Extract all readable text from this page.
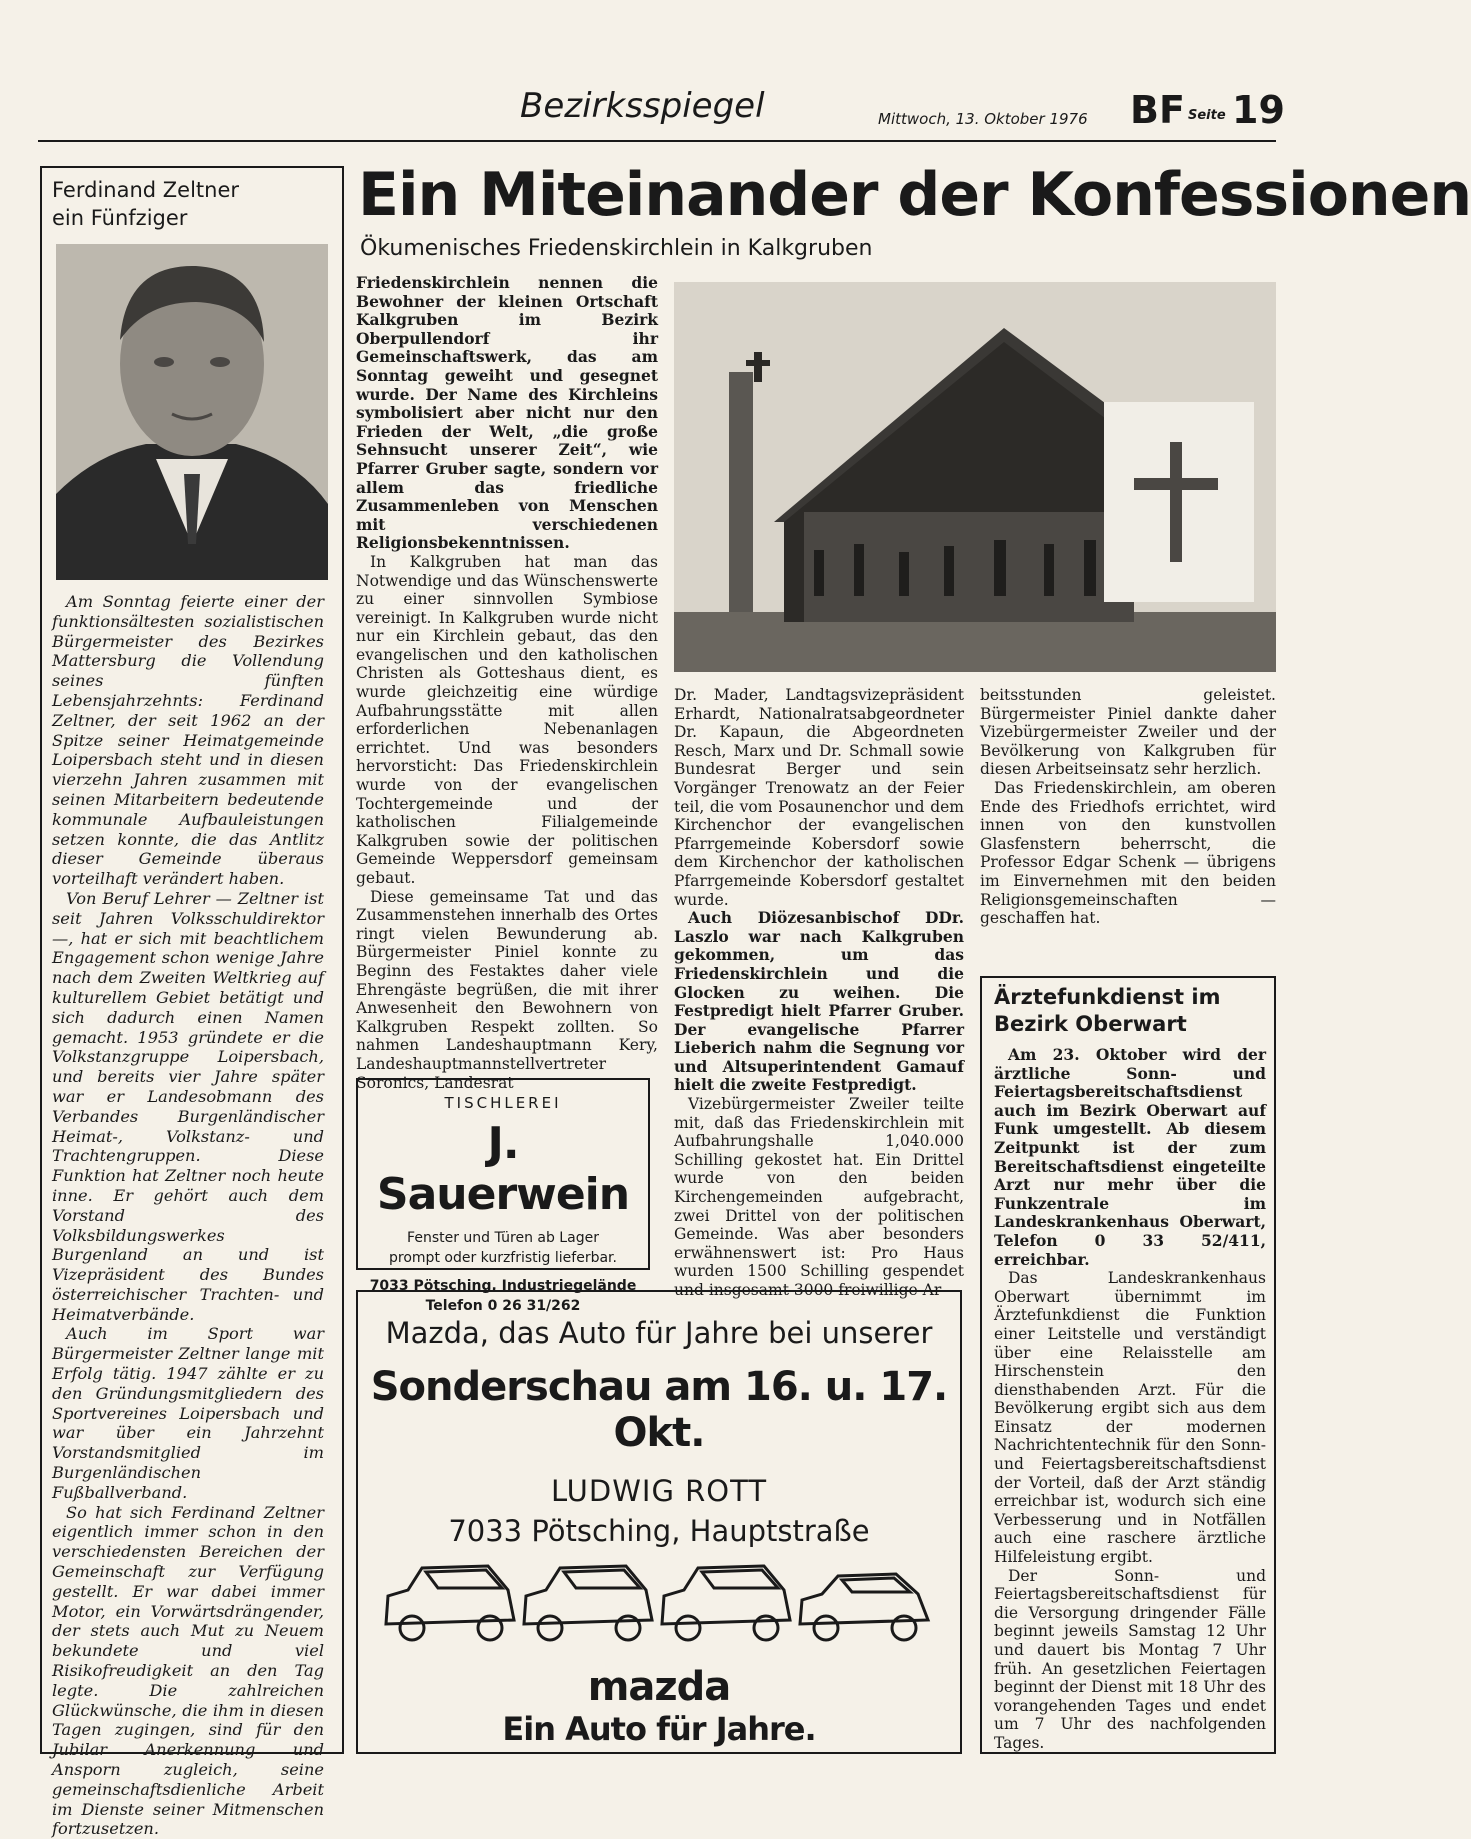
Bezirksspiegel	Mittwoch, 13. Oktober 1976 BF Seite 19
Ferdinand Zeltner
ein Fünfziger

Am Sonntag feierte einer der funktionsältesten sozialistischen Bürgermeister des Bezirkes Mattersburg die Vollendung seines fünften Lebensjahrzehnts: Ferdinand Zeltner, der seit 1962 an der Spitze seiner Heimatgemeinde Loipersbach steht und in diesen vierzehn Jahren zusammen mit seinen Mitarbeitern bedeutende kommunale Aufbauleistungen setzen konnte, die das Antlitz dieser Gemeinde überaus vorteilhaft verändert haben.

Von Beruf Lehrer — Zeltner ist seit Jahren Volksschuldirektor —, hat er sich mit beachtlichem Engagement schon wenige Jahre nach dem Zweiten Weltkrieg auf kulturellem Gebiet betätigt und sich dadurch einen Namen gemacht. 1953 gründete er die Volkstanzgruppe Loipersbach, und bereits vier Jahre später war er Landesobmann des Verbandes Burgenländischer Heimat-, Volkstanz- und Trachtengruppen. Diese Funktion hat Zeltner noch heute inne. Er gehört auch dem Vorstand des Volksbildungswerkes Burgenland an und ist Vizepräsident des Bundes österreichischer Trachten- und Heimatverbände.

Auch im Sport war Bürgermeister Zeltner lange mit Erfolg tätig. 1947 zählte er zu den Gründungsmitgliedern des Sportvereines Loipersbach und war über ein Jahrzehnt Vorstandsmitglied im Burgenländischen Fußballverband.

So hat sich Ferdinand Zeltner eigentlich immer schon in den verschiedensten Bereichen der Gemeinschaft zur Verfügung gestellt. Er war dabei immer Motor, ein Vorwärtsdrängender, der stets auch Mut zu Neuem bekundete und viel Risikofreudigkeit an den Tag legte. Die zahlreichen Glückwünsche, die ihm in diesen Tagen zugingen, sind für den Jubilar Anerkennung und Ansporn zugleich, seine gemeinschaftsdienliche Arbeit im Dienste seiner Mitmenschen fortzusetzen.

Ein Miteinander der Konfessionen
Ökumenisches Friedenskirchlein in Kalkgruben

Friedenskirchlein nennen die Bewohner der kleinen Ortschaft Kalkgruben im Bezirk Oberpullendorf ihr Gemeinschaftswerk, das am Sonntag geweiht und gesegnet wurde. Der Name des Kirchleins symbolisiert aber nicht nur den Frieden der Welt, „die große Sehnsucht unserer Zeit“, wie Pfarrer Gruber sagte, sondern vor allem das friedliche Zusammenleben von Menschen mit verschiedenen Religionsbekenntnissen.

In Kalkgruben hat man das Notwendige und das Wünschenswerte zu einer sinnvollen Symbiose vereinigt. In Kalkgruben wurde nicht nur ein Kirchlein gebaut, das den evangelischen und den katholischen Christen als Gotteshaus dient, es wurde gleichzeitig eine würdige Aufbahrungsstätte mit allen erforderlichen Nebenanlagen errichtet. Und was besonders hervorsticht: Das Friedenskirchlein wurde von der evangelischen Tochtergemeinde und der katholischen Filialgemeinde Kalkgruben sowie der politischen Gemeinde Weppersdorf gemeinsam gebaut.

Diese gemeinsame Tat und das Zusammenstehen innerhalb des Ortes ringt vielen Bewunderung ab. Bürgermeister Piniel konnte zu Beginn des Festaktes daher viele Ehrengäste begrüßen, die mit ihrer Anwesenheit den Bewohnern von Kalkgruben Respekt zollten. So nahmen Landeshauptmann Kery, Landeshauptmannstellvertreter Soronics, Landesrat

Dr. Mader, Landtagsvizepräsident Erhardt, Nationalratsabgeordneter Dr. Kapaun, die Abgeordneten Resch, Marx und Dr. Schmall sowie Bundesrat Berger und sein Vorgänger Trenowatz an der Feier teil, die vom Posaunenchor und dem Kirchenchor der evangelischen Pfarrgemeinde Kobersdorf sowie dem Kirchenchor der katholischen Pfarrgemeinde Kobersdorf gestaltet wurde.

Auch Diözesanbischof DDr. Laszlo war nach Kalkgruben gekommen, um das Friedenskirchlein und die Glocken zu weihen. Die Festpredigt hielt Pfarrer Gruber. Der evangelische Pfarrer Lieberich nahm die Segnung vor und Altsuperintendent Gamauf hielt die zweite Festpredigt.

Vizebürgermeister Zweiler teilte mit, daß das Friedenskirchlein mit Aufbahrungshalle 1,040.000 Schilling gekostet hat. Ein Drittel wurde von den beiden Kirchengemeinden aufgebracht, zwei Drittel von der politischen Gemeinde. Was aber besonders erwähnenswert ist: Pro Haus wurden 1500 Schilling gespendet und insgesamt 3000 freiwillige Ar-

beitsstunden geleistet. Bürgermeister Piniel dankte daher Vizebürgermeister Zweiler und der Bevölkerung von Kalkgruben für diesen Arbeitseinsatz sehr herzlich.

Das Friedenskirchlein, am oberen Ende des Friedhofs errichtet, wird innen von den kunstvollen Glasfenstern beherrscht, die Professor Edgar Schenk — übrigens im Einvernehmen mit den beiden Religionsgemeinschaften — geschaffen hat.

TISCHLEREI
J. Sauerwein
Fenster und Türen ab Lager
prompt oder kurzfristig lieferbar.
7033 Pötsching, Industriegelände
Telefon 0 26 31/262
Mazda, das Auto für Jahre bei unserer
Sonderschau am 16. u. 17. Okt.
LUDWIG ROTT
7033 Pötsching, Hauptstraße
mazda
Ein Auto für Jahre.
Ärztefunkdienst im
Bezirk Oberwart

Am 23. Oktober wird der ärztliche Sonn- und Feiertagsbereitschaftsdienst auch im Bezirk Oberwart auf Funk umgestellt. Ab diesem Zeitpunkt ist der zum Bereitschaftsdienst eingeteilte Arzt nur mehr über die Funkzentrale im Landeskrankenhaus Oberwart, Telefon 0 33 52/411, erreichbar.

Das Landeskrankenhaus Oberwart übernimmt im Ärztefunkdienst die Funktion einer Leitstelle und verständigt über eine Relaisstelle am Hirschenstein den diensthabenden Arzt. Für die Bevölkerung ergibt sich aus dem Einsatz der modernen Nachrichtentechnik für den Sonn- und Feiertagsbereitschaftsdienst der Vorteil, daß der Arzt ständig erreichbar ist, wodurch sich eine Verbesserung und in Notfällen auch eine raschere ärztliche Hilfeleistung ergibt.

Der Sonn- und Feiertagsbereitschaftsdienst für die Versorgung dringender Fälle beginnt jeweils Samstag 12 Uhr und dauert bis Montag 7 Uhr früh. An gesetzlichen Feiertagen beginnt der Dienst mit 18 Uhr des vorangehenden Tages und endet um 7 Uhr des nachfolgenden Tages.
